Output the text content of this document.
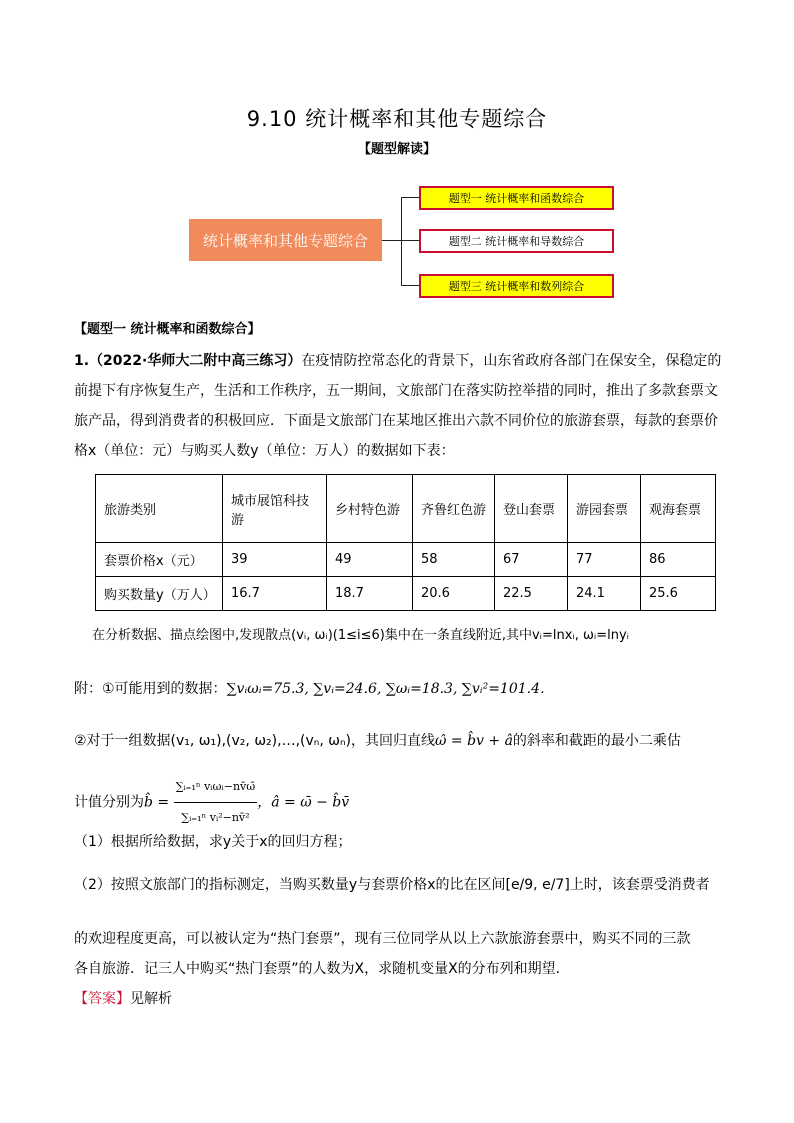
9.10 统计概率和其他专题综合
【题型解读】
统计概率和其他专题综合
题型一 统计概率和函数综合
题型二 统计概率和导数综合
题型三 统计概率和数列综合
【题型一 统计概率和函数综合】
1.（2022·华师大二附中高三练习）在疫情防控常态化的背景下，山东省政府各部门在保安全，保稳定的前提下有序恢复生产，生活和工作秩序，五一期间，文旅部门在落实防控举措的同时，推出了多款套票文旅产品，得到消费者的积极回应．下面是文旅部门在某地区推出六款不同价位的旅游套票，每款的套票价格x（单位：元）与购买人数y（单位：万人）的数据如下表：
旅游类别	城市展馆科技游	乡村特色游	齐鲁红色游	登山套票	游园套票	观海套票
套票价格x（元）	39	49	58	67	77	86
购买数量y（万人）	16.7	18.7	20.6	22.5	24.1	25.6
在分析数据、描点绘图中,发现散点(vᵢ, ωᵢ)(1≤i≤6)集中在一条直线附近,其中vᵢ=lnxᵢ, ωᵢ=lnyᵢ
附：①可能用到的数据：∑vᵢωᵢ=75.3, ∑vᵢ=24.6, ∑ωᵢ=18.3, ∑vᵢ²=101.4．
②对于一组数据(v₁, ω₁),(v₂, ω₂),…,(vₙ, ωₙ)，其回归直线ω̂ = b̂v + â的斜率和截距的最小二乘估
计值分别为b̂ = $\frac{\text{∑ᵢ₌₁ⁿ vᵢωᵢ−nv̄ω̄}}{\text{∑ᵢ₌₁ⁿ vᵢ²−nv̄²}}$ ，â = ω̄ − b̂v̄
（1）根据所给数据，求y关于x的回归方程；
（2）按照文旅部门的指标测定，当购买数量y与套票价格x的比在区间[e/9, e/7]上时，该套票受消费者
的欢迎程度更高，可以被认定为“热门套票”，现有三位同学从以上六款旅游套票中，购买不同的三款
各自旅游．记三人中购买“热门套票”的人数为X，求随机变量X的分布列和期望．
【答案】见解析
